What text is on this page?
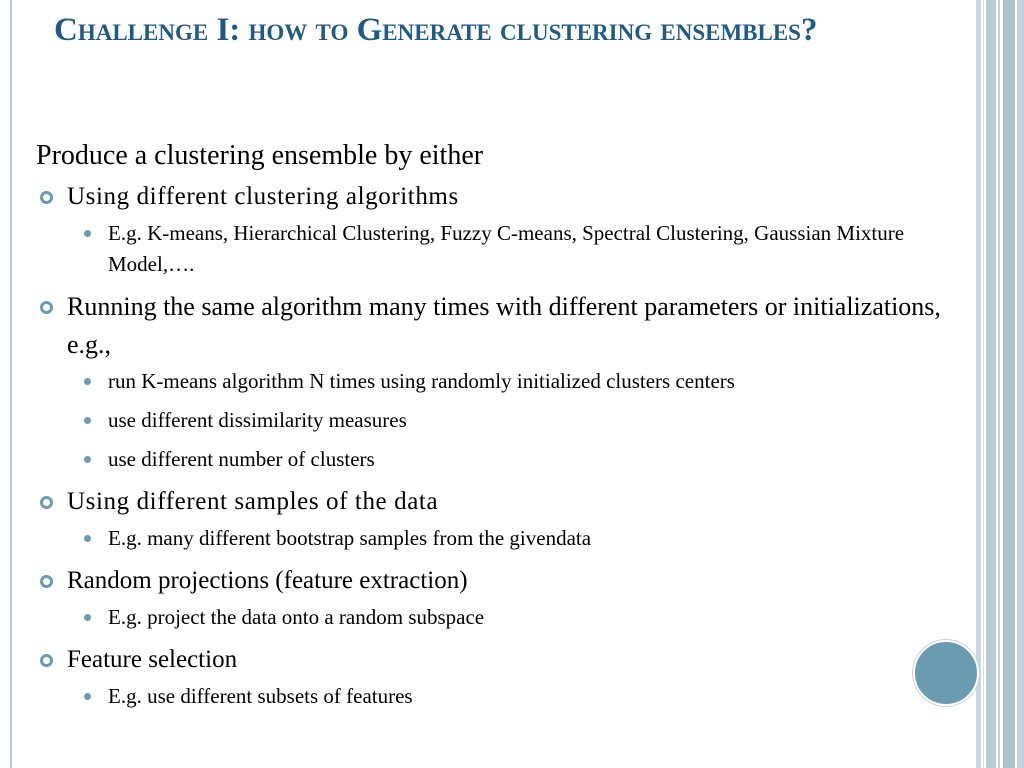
Challenge I: how to Generate clustering ensembles?
Produce a clustering ensemble by either
Using different clustering algorithms
E.g. K-means, Hierarchical Clustering, Fuzzy C-means, Spectral Clustering, Gaussian Mixture Model,….
Running the same algorithm many times with different parameters or initializations, e.g.,
run K-means algorithm N times using randomly initialized clusters centers
use different dissimilarity measures
use different number of clusters
Using different samples of the data
E.g. many different bootstrap samples from the givendata
Random projections (feature extraction)
E.g. project the data onto a random subspace
Feature selection
E.g. use different subsets of features
